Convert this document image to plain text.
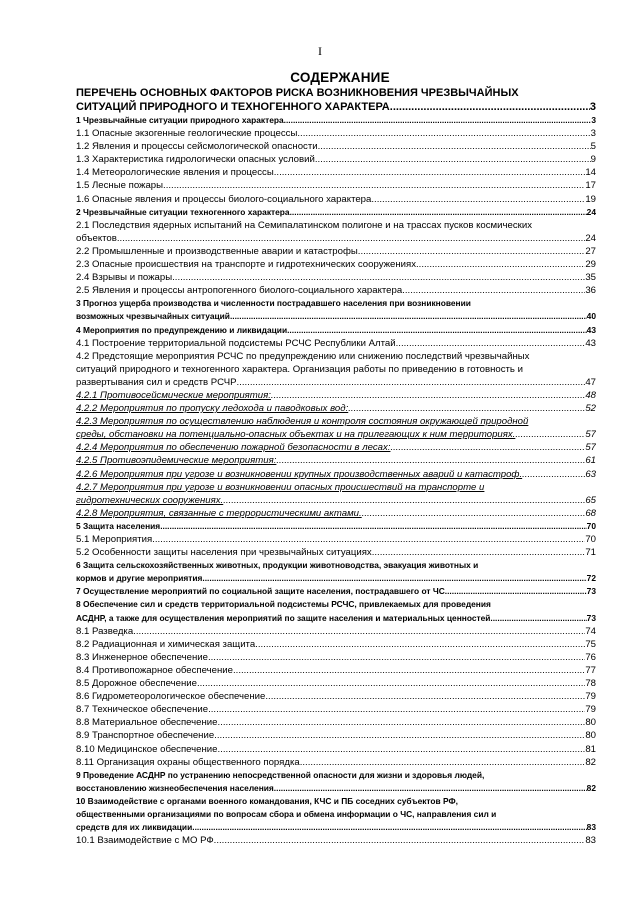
I
СОДЕРЖАНИЕ
ПЕРЕЧЕНЬ ОСНОВНЫХ ФАКТОРОВ РИСКА ВОЗНИКНОВЕНИЯ ЧРЕЗВЫЧАЙНЫХ
СИТУАЦИЙ ПРИРОДНОГО И ТЕХНОГЕННОГО ХАРАКТЕРА .....	3
1 Чрезвычайные ситуации природного характера .....	3
1.1 Опасные экзогенные геологические процессы .....	3
1.2 Явления и процессы сейсмологической опасности. .....	5
1.3 Характеристика гидрологически опасных условий .....	9
1.4 Метеорологические явления и процессы .....	14
1.5 Лесные пожары. .....	17
1.6 Опасные явления и процессы биолого-социального характера. .....	19
2 Чрезвычайные ситуации техногенного характера .....	24
2.1 Последствия ядерных испытаний на Семипалатинском полигоне и на трассах пусков космических
объектов .....	24
2.2 Промышленные и производственные аварии и катастрофы. .....	27
2.3 Опасные происшествия на транспорте и гидротехнических сооружениях .....	29
2.4 Взрывы и пожары. .....	35
2.5 Явления и процессы антропогенного биолого-социального характера. .....	36
3 Прогноз ущерба производства и численности пострадавшего населения при возникновении
возможных чрезвычайных ситуаций .....	40
4 Мероприятия по предупреждению и ликвидации .....	43
4.1 Построение территориальной подсистемы РСЧС Республики Алтай. .....	43
4.2 Предстоящие мероприятия РСЧС по предупреждению или снижению последствий чрезвычайных
ситуаций природного и техногенного характера. Организация работы по приведению в готовность и
развертывания сил и средств РСЧР .....	47
4.2.1 Противосейсмические мероприятия: .....	48
4.2.2 Мероприятия по пропуску ледохода и паводковых вод: .....	52
4.2.3 Мероприятия по осуществлению наблюдения и контроля состояния окружающей природной
среды, обстановки на потенциально-опасных объектах и на прилегающих к ним территориях. .....	57
4.2.4 Мероприятия по обеспечению пожарной безопасности в лесах: .....	57
4.2.5 Противоэпидемические мероприятия: .....	61
4.2.6 Мероприятия при угрозе и возникновении крупных производственных аварий и катастроф. .....	63
4.2.7 Мероприятия при угрозе и возникновении опасных происшествий на транспорте и
гидротехнических сооружениях. .....	65
4.2.8 Мероприятия, связанные с террористическими актами. .....	68
5 Защита населения .....	70
5.1 Мероприятия .....	70
5.2 Особенности защиты населения при чрезвычайных ситуациях. .....	71
6 Защита сельскохозяйственных животных, продукции животноводства, эвакуация животных и
кормов и другие мероприятия. .....	72
7 Осуществление мероприятий по социальной защите населения, пострадавшего от ЧС. .....	73
8 Обеспечение сил и средств территориальной подсистемы РСЧС, привлекаемых для проведения
АСДНР, а также для осуществления мероприятий по защите населения и материальных ценностей .....	73
8.1 Разведка .....	74
8.2 Радиационная и химическая защита. .....	75
8.3 Инженерное обеспечение .....	76
8.4 Противопожарное обеспечение .....	77
8.5 Дорожное обеспечение .....	78
8.6 Гидрометеорологическое обеспечение .....	79
8.7 Техническое обеспечение .....	79
8.8 Материальное обеспечение .....	80
8.9 Транспортное обеспечение .....	80
8.10 Медицинское обеспечение .....	81
8.11 Организация охраны общественного порядка .....	82
9 Проведение АСДНР по устранению непосредственной опасности для жизни и здоровья людей,
восстановлению жизнеобеспечения населения. .....	82
10 Взаимодействие с органами военного командования, КЧС и ПБ соседних субъектов РФ,
общественными организациями по вопросам сбора и обмена информации о ЧС, направления сил и
средств для их ликвидации. .....	83
10.1 Взаимодействие с МО РФ. .....	83
